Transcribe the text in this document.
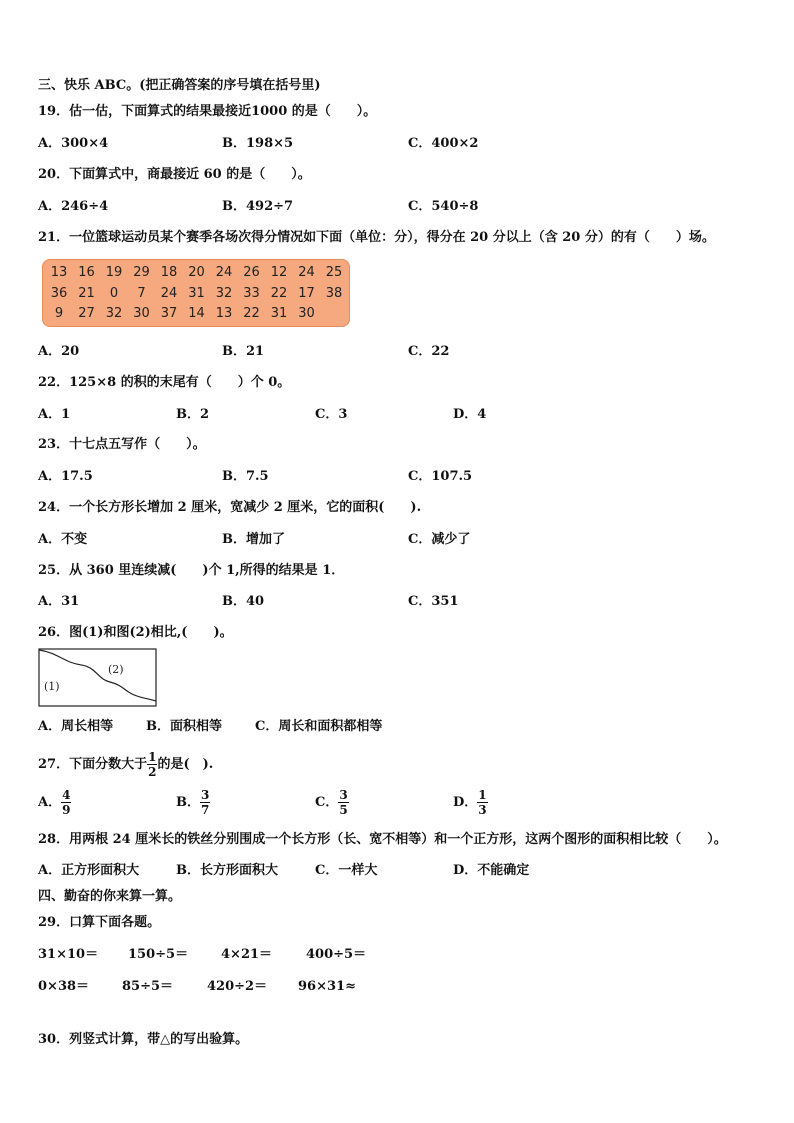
三、快乐 ABC。(把正确答案的序号填在括号里)
19．估一估，下面算式的结果最接近1000 的是（　　）。
A．300×4	B．198×5	C．400×2
20．下面算式中，商最接近 60 的是（　　）。
A．246÷4	B．492÷7	C．540÷8
21．一位篮球运动员某个赛季各场次得分情况如下面（单位：分），得分在 20 分以上（含 20 分）的有（　　）场。
13 16 19 29 18 20 24 26 12 24 25
36 21	0	7	24 31 32 33 22 17 38
9	27 32 30 37 14 13 22 31 30
A．20	B．21	C．22
22．125×8 的积的末尾有（　　）个 0。
A．1	B．2	C．3	D．4
23．十七点五写作（　　）。
A．17.5	B．7.5	C．107.5
24．一个长方形长增加 2 厘米，宽减少 2 厘米，它的面积(　　).
A．不变	B．增加了	C．减少了
25．从 360 里连续减(　　)个 1,所得的结果是 1．
A．31	B．40	C．351
26．图(1)和图(2)相比,(　　)。
(1)
(2)
A．周长相等	B．面积相等	C．周长和面积都相等
27．下面分数大于 $\frac{1}{2}$ 的是(　).
A． $\frac{4}{9}$	B． $\frac{3}{7}$	C． $\frac{3}{5}$	D． $\frac{1}{3}$
28．用两根 24 厘米长的铁丝分别围成一个长方形（长、宽不相等）和一个正方形，这两个图形的面积相比较（　　）。
A．正方形面积大	B．长方形面积大	C．一样大	D．不能确定
四、勤奋的你来算一算。
29．口算下面各题。
31×10＝ 150÷5＝	4×21＝	400÷5＝
0×38＝	85÷5＝	420÷2＝ 96×31≈
30．列竖式计算，带△的写出验算。
